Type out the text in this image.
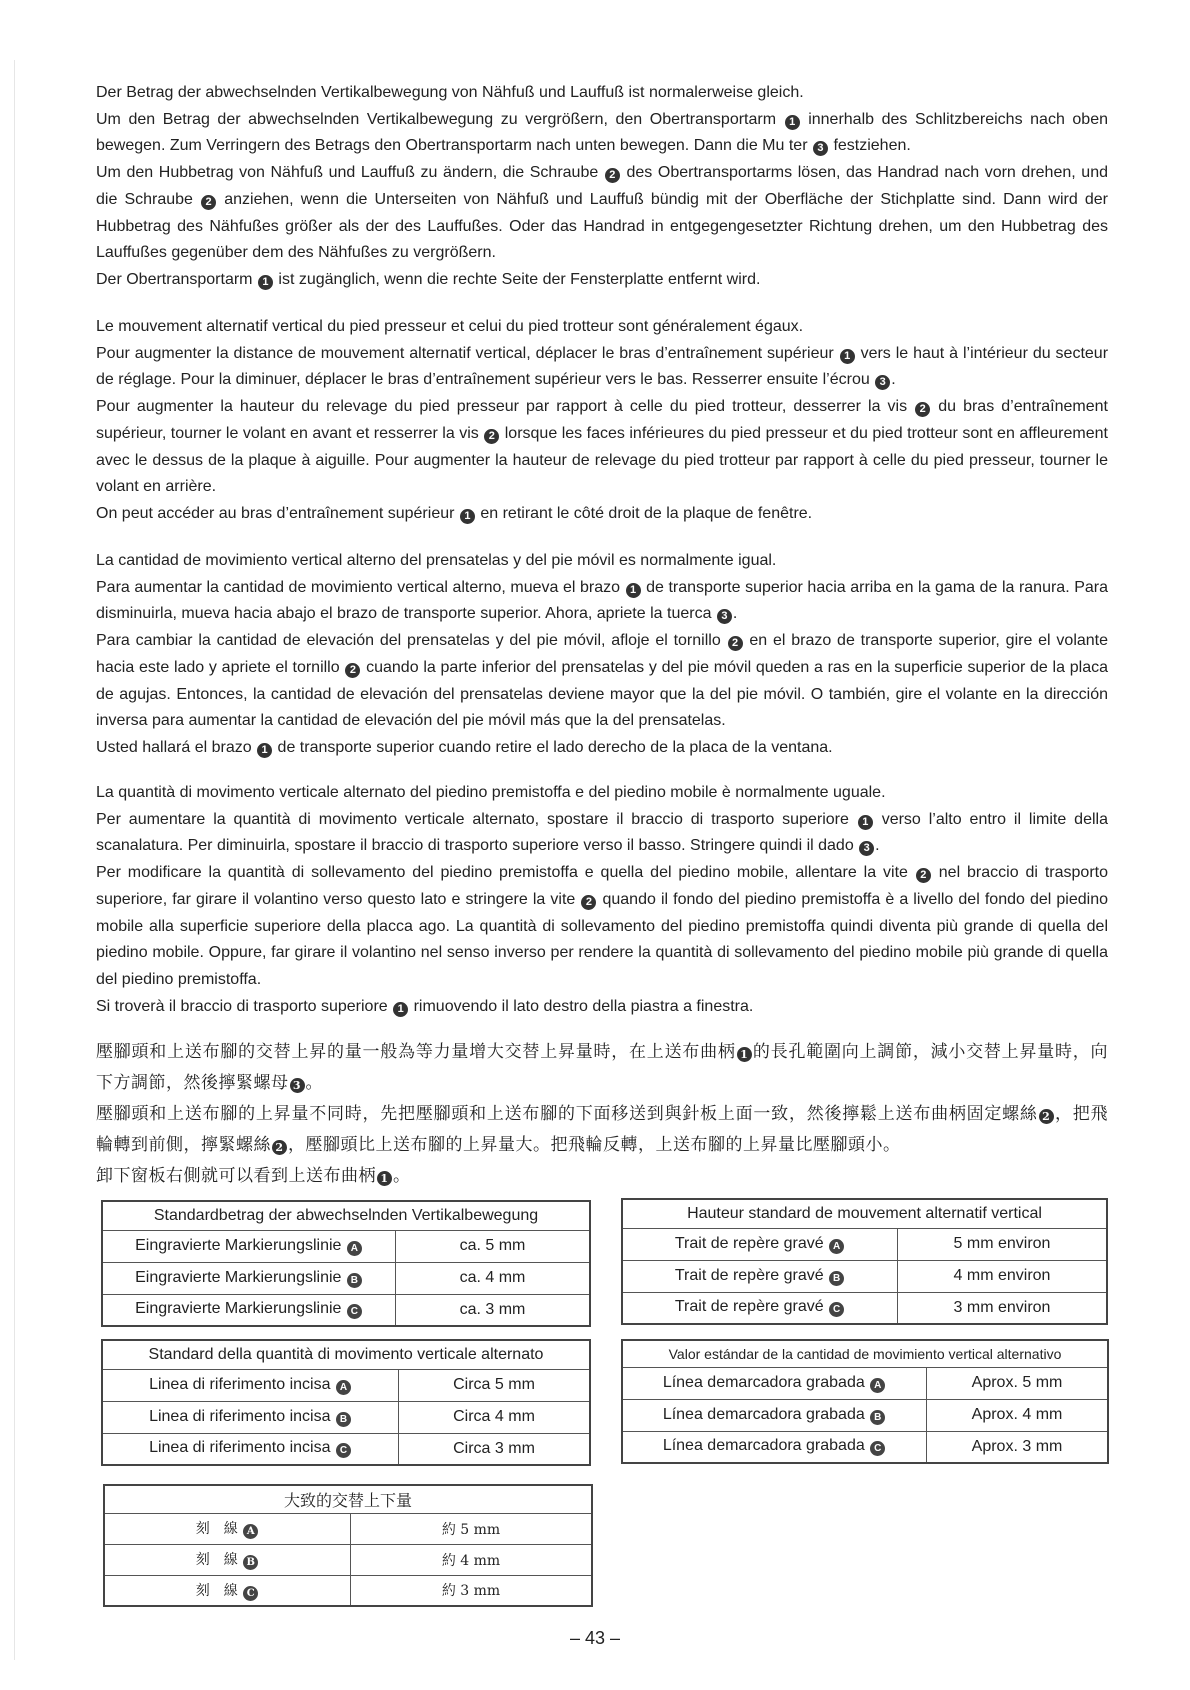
Der Betrag der abwechselnden Vertikalbewegung von Nähfuß und Lauffuß ist normalerweise gleich.

Um den Betrag der abwechselnden Vertikalbewegung zu vergrößern, den Obertransportarm 1 innerhalb des Schlitzbereichs nach oben bewegen. Zum Verringern des Betrags den Obertransportarm nach unten bewegen. Dann die Mu ter 3 festziehen.

Um den Hubbetrag von Nähfuß und Lauffuß zu ändern, die Schraube 2 des Obertransportarms lösen, das Handrad nach vorn drehen, und die Schraube 2 anziehen, wenn die Unterseiten von Nähfuß und Lauffuß bündig mit der Oberfläche der Stichplatte sind. Dann wird der Hubbetrag des Nähfußes größer als der des Lauffußes. Oder das Handrad in entgegengesetzter Richtung drehen, um den Hubbetrag des Lauffußes gegenüber dem des Nähfußes zu vergrößern.

Der Obertransportarm 1 ist zugänglich, wenn die rechte Seite der Fensterplatte entfernt wird.

Le mouvement alternatif vertical du pied presseur et celui du pied trotteur sont généralement égaux.

Pour augmenter la distance de mouvement alternatif vertical, déplacer le bras d’entraînement supérieur 1 vers le haut à l’intérieur du secteur de réglage. Pour la diminuer, déplacer le bras d’entraînement supérieur vers le bas. Resserrer ensuite l’écrou 3 .

Pour augmenter la hauteur du relevage du pied presseur par rapport à celle du pied trotteur, desserrer la vis 2 du bras d’entraînement supérieur, tourner le volant en avant et resserrer la vis 2 lorsque les faces inférieures du pied presseur et du pied trotteur sont en affleurement avec le dessus de la plaque à aiguille. Pour augmenter la hauteur de relevage du pied trotteur par rapport à celle du pied presseur, tourner le volant en arrière.

On peut accéder au bras d’entraînement supérieur 1 en retirant le côté droit de la plaque de fenêtre.

La cantidad de movimiento vertical alterno del prensatelas y del pie móvil es normalmente igual.

Para aumentar la cantidad de movimiento vertical alterno, mueva el brazo 1 de transporte superior hacia arriba en la gama de la ranura. Para disminuirla, mueva hacia abajo el brazo de transporte superior. Ahora, apriete la tuerca 3 .

Para cambiar la cantidad de elevación del prensatelas y del pie móvil, afloje el tornillo 2 en el brazo de transporte superior, gire el volante hacia este lado y apriete el tornillo 2 cuando la parte inferior del prensatelas y del pie móvil queden a ras en la superficie superior de la placa de agujas. Entonces, la cantidad de elevación del prensatelas deviene mayor que la del pie móvil. O también, gire el volante en la dirección inversa para aumentar la cantidad de elevación del pie móvil más que la del prensatelas.

Usted hallará el brazo 1 de transporte superior cuando retire el lado derecho de la placa de la ventana.

La quantità di movimento verticale alternato del piedino premistoffa e del piedino mobile è normalmente uguale.

Per aumentare la quantità di movimento verticale alternato, spostare il braccio di trasporto superiore 1 verso l’alto entro il limite della scanalatura. Per diminuirla, spostare il braccio di trasporto superiore verso il basso. Stringere quindi il dado 3 .

Per modificare la quantità di sollevamento del piedino premistoffa e quella del piedino mobile, allentare la vite 2 nel braccio di trasporto superiore, far girare il volantino verso questo lato e stringere la vite 2 quando il fondo del piedino premistoffa è a livello del fondo del piedino mobile alla superficie superiore della placca ago. La quantità di sollevamento del piedino premistoffa quindi diventa più grande di quella del piedino mobile. Oppure, far girare il volantino nel senso inverso per rendere la quantità di sollevamento del piedino mobile più grande di quella del piedino premistoffa.

Si troverà il braccio di trasporto superiore 1 rimuovendo il lato destro della piastra a finestra.

壓腳頭和上送布腳的交替上昇的量一般為等力量增大交替上昇量時，在上送布曲柄 1 的長孔範圍向上調節，減小交替上昇量時，向下方調節，然後擰緊螺母 3 。

壓腳頭和上送布腳的上昇量不同時，先把壓腳頭和上送布腳的下面移送到與針板上面一致，然後擰鬆上送布曲柄固定螺絲 2 ，把飛輪轉到前側，擰緊螺絲 2 ，壓腳頭比上送布腳的上昇量大。把飛輪反轉，上送布腳的上昇量比壓腳頭小。

卸下窗板右側就可以看到上送布曲柄 1 。

Standardbetrag der abwechselnden Vertikalbewegung	
Eingravierte Markierungslinie A	ca. 5 mm
Eingravierte Markierungslinie B	ca. 4 mm
Eingravierte Markierungslinie C	ca. 3 mm
Hauteur standard de mouvement alternatif vertical	
Trait de repère gravé A	5 mm environ
Trait de repère gravé B	4 mm environ
Trait de repère gravé C	3 mm environ
Standard della quantità di movimento verticale alternato	
Linea di riferimento incisa A	Circa 5 mm
Linea di riferimento incisa B	Circa 4 mm
Linea di riferimento incisa C	Circa 3 mm
Valor estándar de la cantidad de movimiento vertical alternativo	
Línea demarcadora grabada A	Aprox. 5 mm
Línea demarcadora grabada B	Aprox. 4 mm
Línea demarcadora grabada C	Aprox. 3 mm
大致的交替上下量	
刻　線 A	約 5 mm
刻　線 B	約 4 mm
刻　線 C	約 3 mm
– 43 –
